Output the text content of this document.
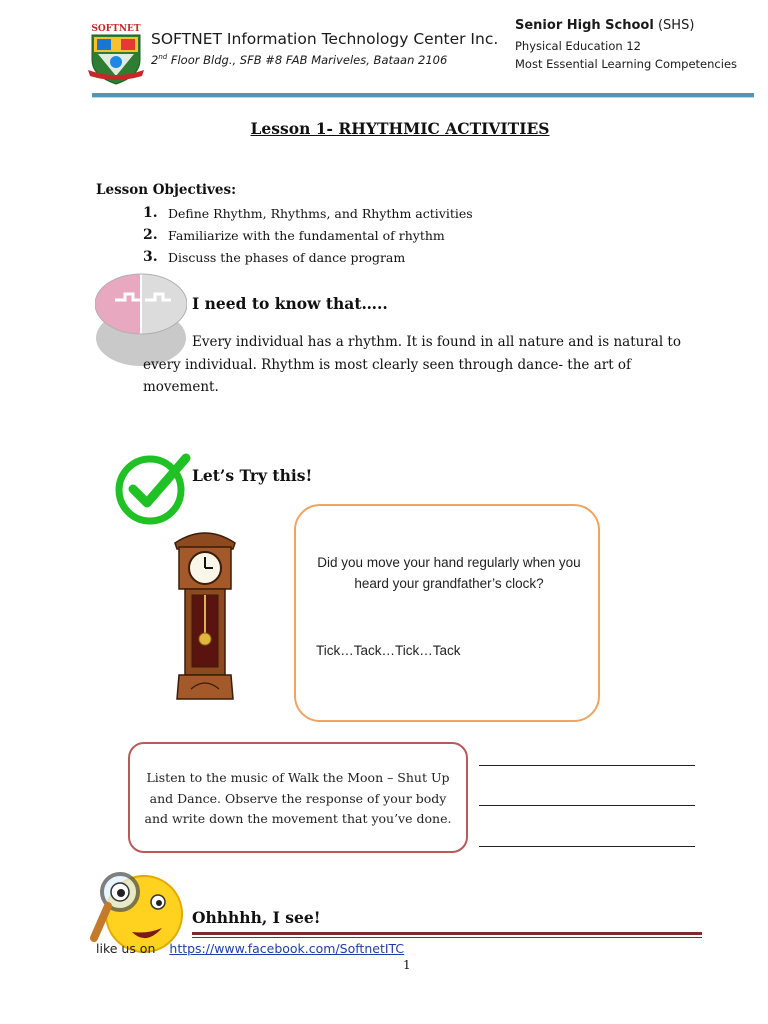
SOFTNET
SOFTNET Information Technology Center Inc.
2nd Floor Bldg., SFB #8 FAB Mariveles, Bataan 2106
Senior High School (SHS)
Physical Education 12
Most Essential Learning Competencies
Lesson 1- RHYTHMIC ACTIVITIES
Lesson Objectives:
1. Define Rhythm, Rhythms, and Rhythm activities
2. Familiarize with the fundamental of rhythm
3. Discuss the phases of dance program
I need to know that…..
Every individual has a rhythm. It is found in all nature and is natural to every individual. Rhythm is most clearly seen through dance- the art of movement.
Let’s Try this!
Did you move your hand regularly when you heard your grandfather’s clock?
Tick…Tack…Tick…Tack
Listen to the music of Walk the Moon – Shut Up and Dance. Observe the response of your body and write down the movement that you’ve done.
Ohhhhh, I see!
like us on https://www.facebook.com/SoftnetITC
1
